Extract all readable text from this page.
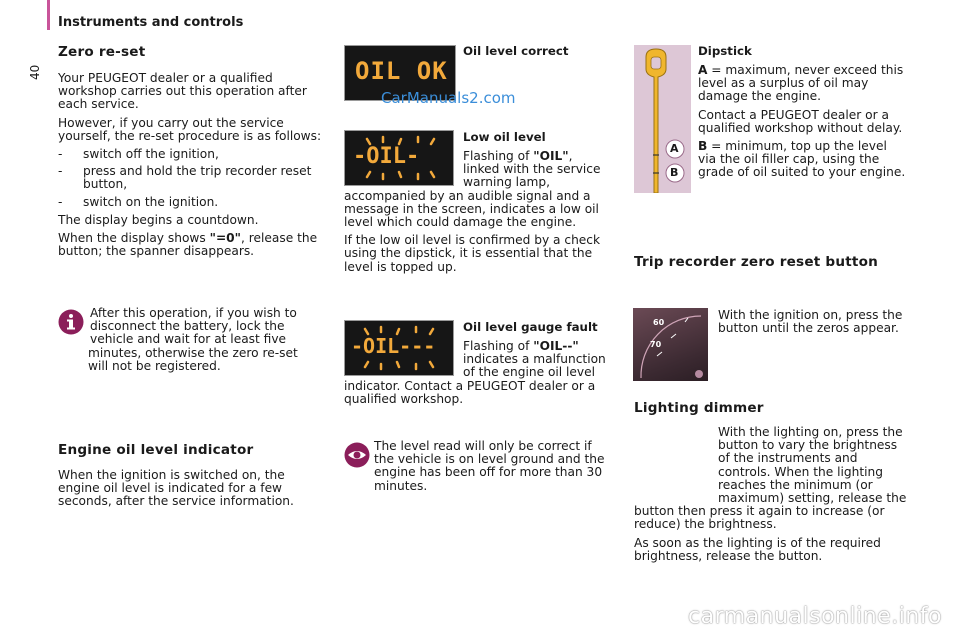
Instruments and controls
40
Zero re-set

Your PEUGEOT dealer or a qualified workshop carries out this operation after each service.

However, if you carry out the service yourself, the re-set procedure is as follows:

- switch off the ignition,
- press and hold the trip recorder reset button,
- switch on the ignition.

The display begins a countdown.

When the display shows "=0", release the button; the spanner disappears.

After this operation, if you wish to disconnect the battery, lock the vehicle and wait for at least five minutes, otherwise the zero re-set will not be registered.

Engine oil level indicator

When the ignition is switched on, the engine oil level is indicated for a few seconds, after the service information.

OIL OK
CarManuals2.com
Oil level correct
-OIL-
Low oil level

Flashing of "OIL", linked with the service warning lamp, accompanied by an audible signal and a message in the screen, indicates a low oil level which could damage the engine.

If the low oil level is confirmed by a check using the dipstick, it is essential that the level is topped up.

-OIL---
Oil level gauge fault

Flashing of "OIL--" indicates a malfunction of the engine oil level indicator. Contact a PEUGEOT dealer or a qualified workshop.

The level read will only be correct if the vehicle is on level ground and the engine has been off for more than 30 minutes.

A
B
Dipstick

A = maximum, never exceed this level as a surplus of oil may damage the engine.

Contact a PEUGEOT dealer or a qualified workshop without delay.

B = minimum, top up the level via the oil filler cap, using the grade of oil suited to your engine.

Trip recorder zero reset button
60
70

With the ignition on, press the button until the zeros appear.

Lighting dimmer

With the lighting on, press the button to vary the brightness of the instruments and controls. When the lighting reaches the minimum (or maximum) setting, release the button then press it again to increase (or reduce) the brightness.

As soon as the lighting is of the required brightness, release the button.

carmanualsonline.info
